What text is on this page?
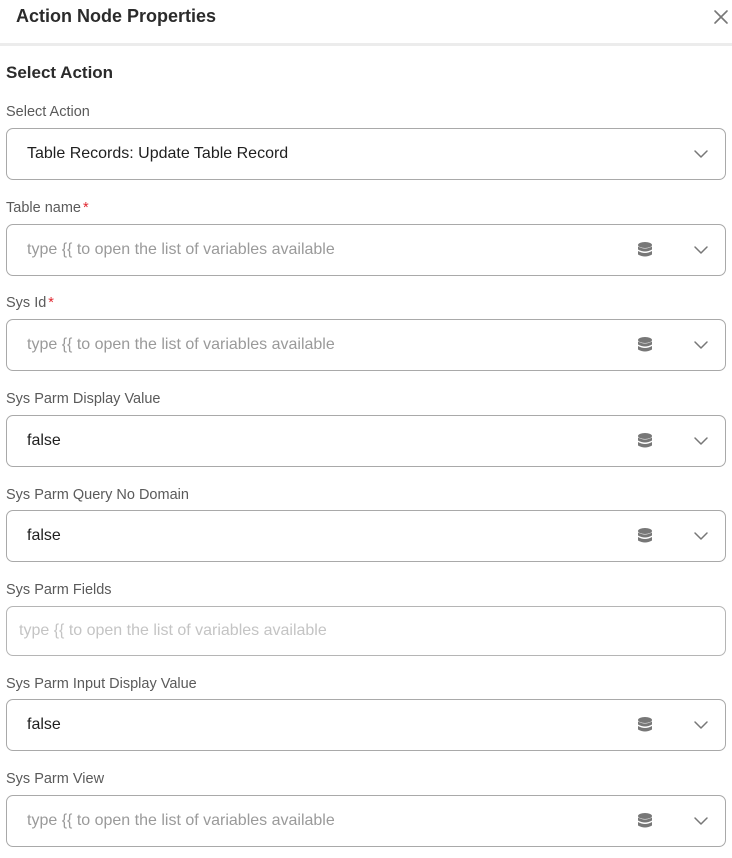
Action Node Properties
Select Action
Select Action
Table Records: Update Table Record
Table name *
type {{ to open the list of variables available
Sys Id *
type {{ to open the list of variables available
Sys Parm Display Value
false
Sys Parm Query No Domain
false
Sys Parm Fields
type {{ to open the list of variables available
Sys Parm Input Display Value
false
Sys Parm View
type {{ to open the list of variables available
